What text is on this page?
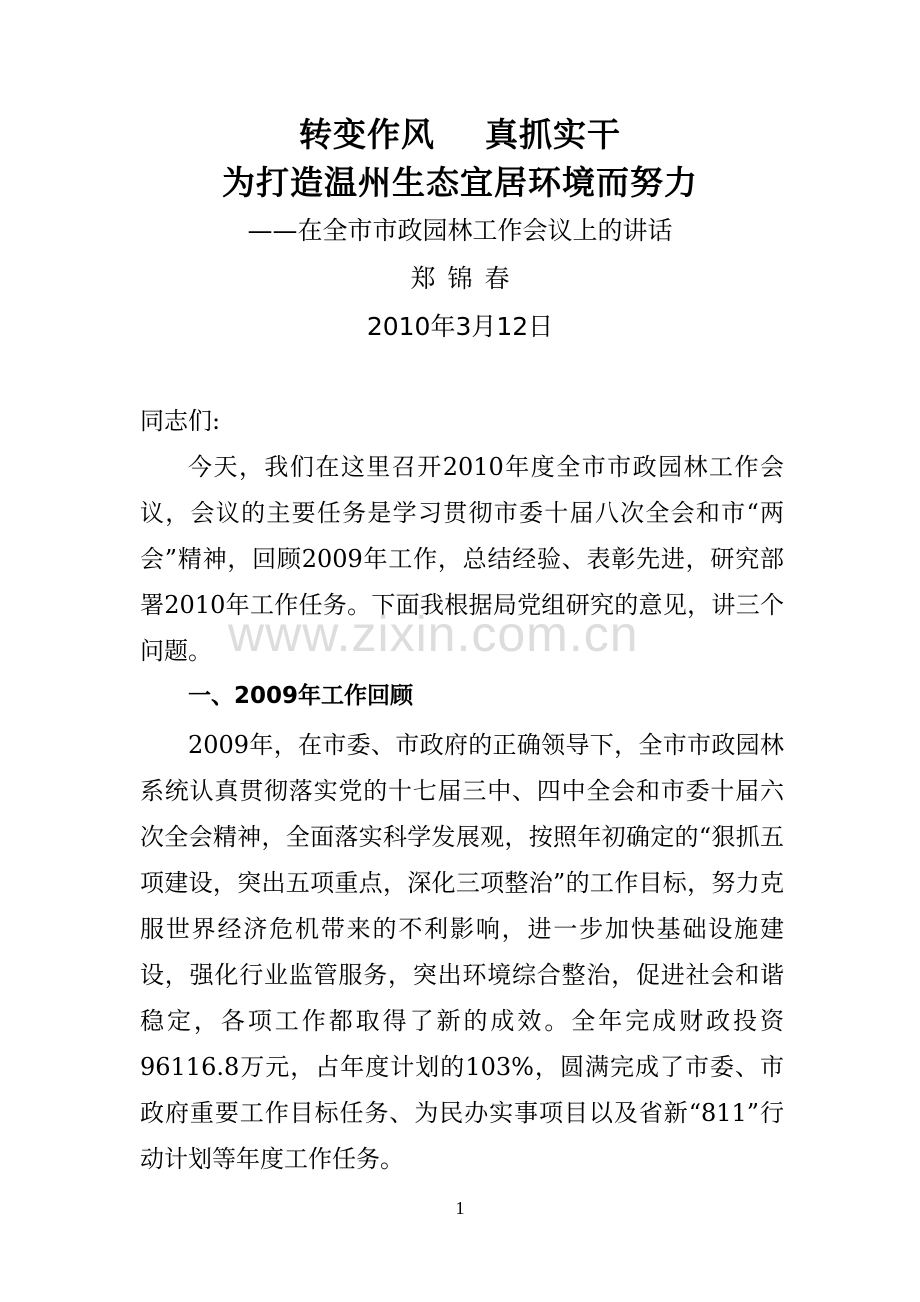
转变作风    真抓实干
为打造温州生态宜居环境而努力
——在全市市政园林工作会议上的讲话
郑锦春
2010年3月12日
同志们:
今天，我们在这里召开2010年度全市市政园林工作会议，会议的主要任务是学习贯彻市委十届八次全会和市“两会”精神，回顾2009年工作，总结经验、表彰先进，研究部署2010年工作任务。下面我根据局党组研究的意见，讲三个问题。
一、2009年工作回顾
2009年，在市委、市政府的正确领导下，全市市政园林系统认真贯彻落实党的十七届三中、四中全会和市委十届六次全会精神，全面落实科学发展观，按照年初确定的“狠抓五项建设，突出五项重点，深化三项整治”的工作目标，努力克服世界经济危机带来的不利影响，进一步加快基础设施建设，强化行业监管服务，突出环境综合整治，促进社会和谐稳定，各项工作都取得了新的成效。全年完成财政投资96116.8万元，占年度计划的103%，圆满完成了市委、市政府重要工作目标任务、为民办实事项目以及省新“811”行动计划等年度工作任务。
www.zixin.com.cn
1
